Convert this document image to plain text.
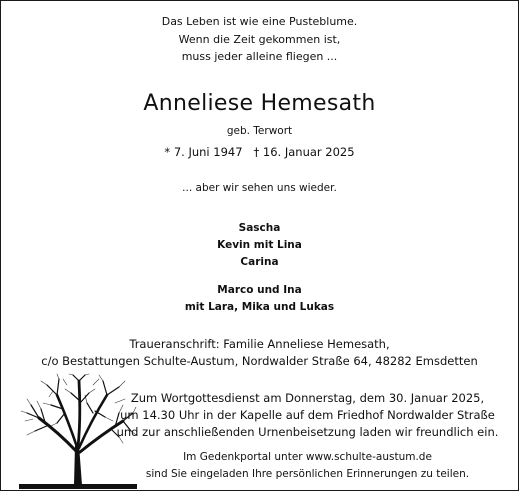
Das Leben ist wie eine Pusteblume.
Wenn die Zeit gekommen ist,
muss jeder alleine fliegen ...
Anneliese Hemesath
geb. Terwort
* 7. Juni 1947   † 16. Januar 2025
... aber wir sehen uns wieder.
Sascha
Kevin mit Lina
Carina
Marco und Ina
mit Lara, Mika und Lukas
Traueranschrift: Familie Anneliese Hemesath,
c/o Bestattungen Schulte-Austum, Nordwalder Straße 64, 48282 Emsdetten
Zum Wortgottesdienst am Donnerstag, dem 30. Januar 2025,
um 14.30 Uhr in der Kapelle auf dem Friedhof Nordwalder Straße
und zur anschließenden Urnenbeisetzung laden wir freundlich ein.
Im Gedenkportal unter www.schulte-austum.de
sind Sie eingeladen Ihre persönlichen Erinnerungen zu teilen.
